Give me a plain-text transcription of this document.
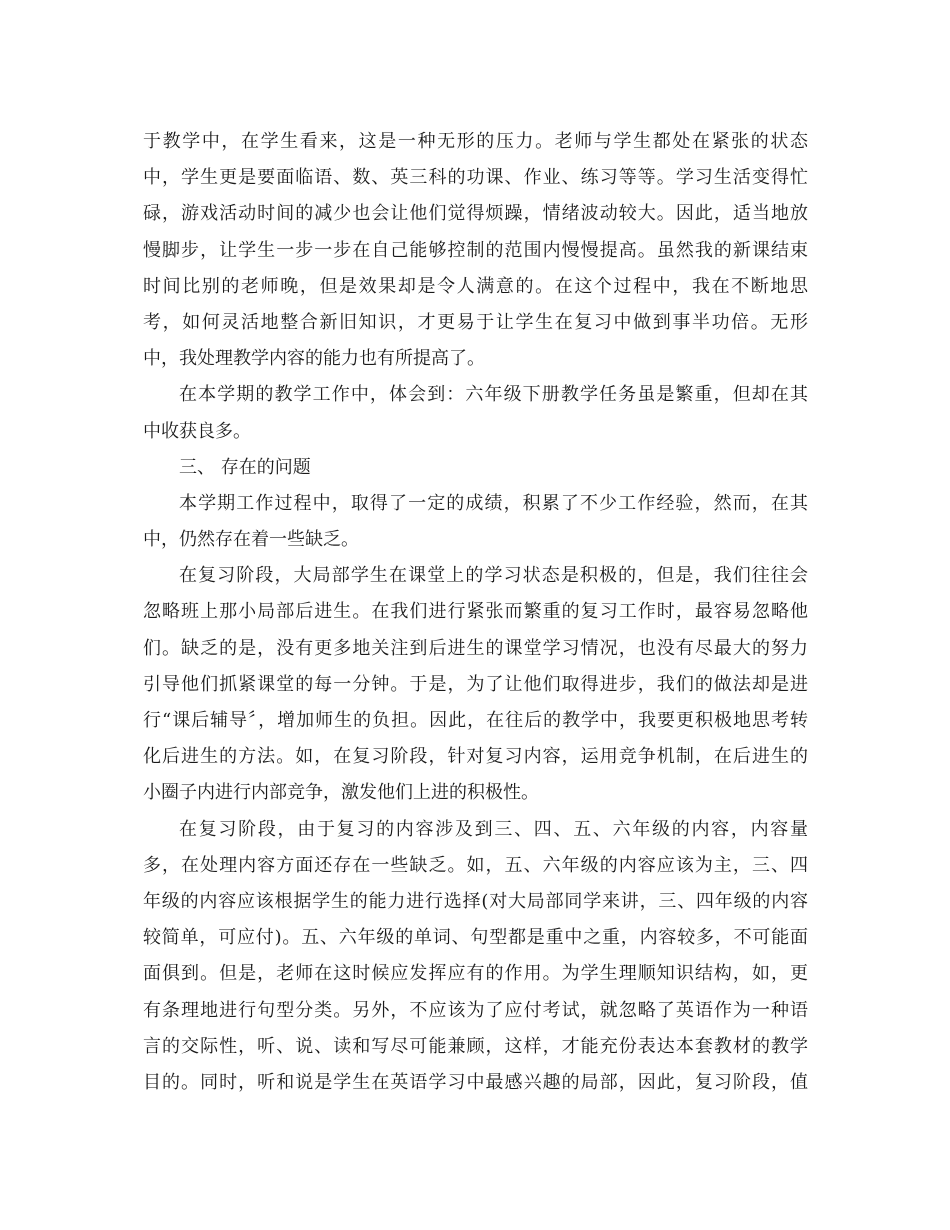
于教学中，在学生看来，这是一种无形的压力。老师与学生都处在紧张的状态
中，学生更是要面临语、数、英三科的功课、作业、练习等等。学习生活变得忙
碌，游戏活动时间的减少也会让他们觉得烦躁，情绪波动较大。因此，适当地放
慢脚步，让学生一步一步在自己能够控制的范围内慢慢提高。虽然我的新课结束
时间比别的老师晚，但是效果却是令人满意的。在这个过程中，我在不断地思
考，如何灵活地整合新旧知识，才更易于让学生在复习中做到事半功倍。无形
中，我处理教学内容的能力也有所提高了。
在本学期的教学工作中，体会到：六年级下册教学任务虽是繁重，但却在其
中收获良多。
三、 存在的问题
本学期工作过程中，取得了一定的成绩，积累了不少工作经验，然而，在其
中，仍然存在着一些缺乏。
在复习阶段，大局部学生在课堂上的学习状态是积极的，但是，我们往往会
忽略班上那小局部后进生。在我们进行紧张而繁重的复习工作时，最容易忽略他
们。缺乏的是，没有更多地关注到后进生的课堂学习情况，也没有尽最大的努力
引导他们抓紧课堂的每一分钟。于是，为了让他们取得进步，我们的做法却是进
行“课后辅导〞，增加师生的负担。因此，在往后的教学中，我要更积极地思考转
化后进生的方法。如，在复习阶段，针对复习内容，运用竞争机制，在后进生的
小圈子内进行内部竞争，激发他们上进的积极性。
在复习阶段，由于复习的内容涉及到三、四、五、六年级的内容，内容量
多，在处理内容方面还存在一些缺乏。如，五、六年级的内容应该为主，三、四
年级的内容应该根据学生的能力进行选择(对大局部同学来讲，三、四年级的内容
较简单，可应付)。五、六年级的单词、句型都是重中之重，内容较多，不可能面
面俱到。但是，老师在这时候应发挥应有的作用。为学生理顺知识结构，如，更
有条理地进行句型分类。另外，不应该为了应付考试，就忽略了英语作为一种语
言的交际性，听、说、读和写尽可能兼顾，这样，才能充份表达本套教材的教学
目的。同时，听和说是学生在英语学习中最感兴趣的局部，因此，复习阶段，值
